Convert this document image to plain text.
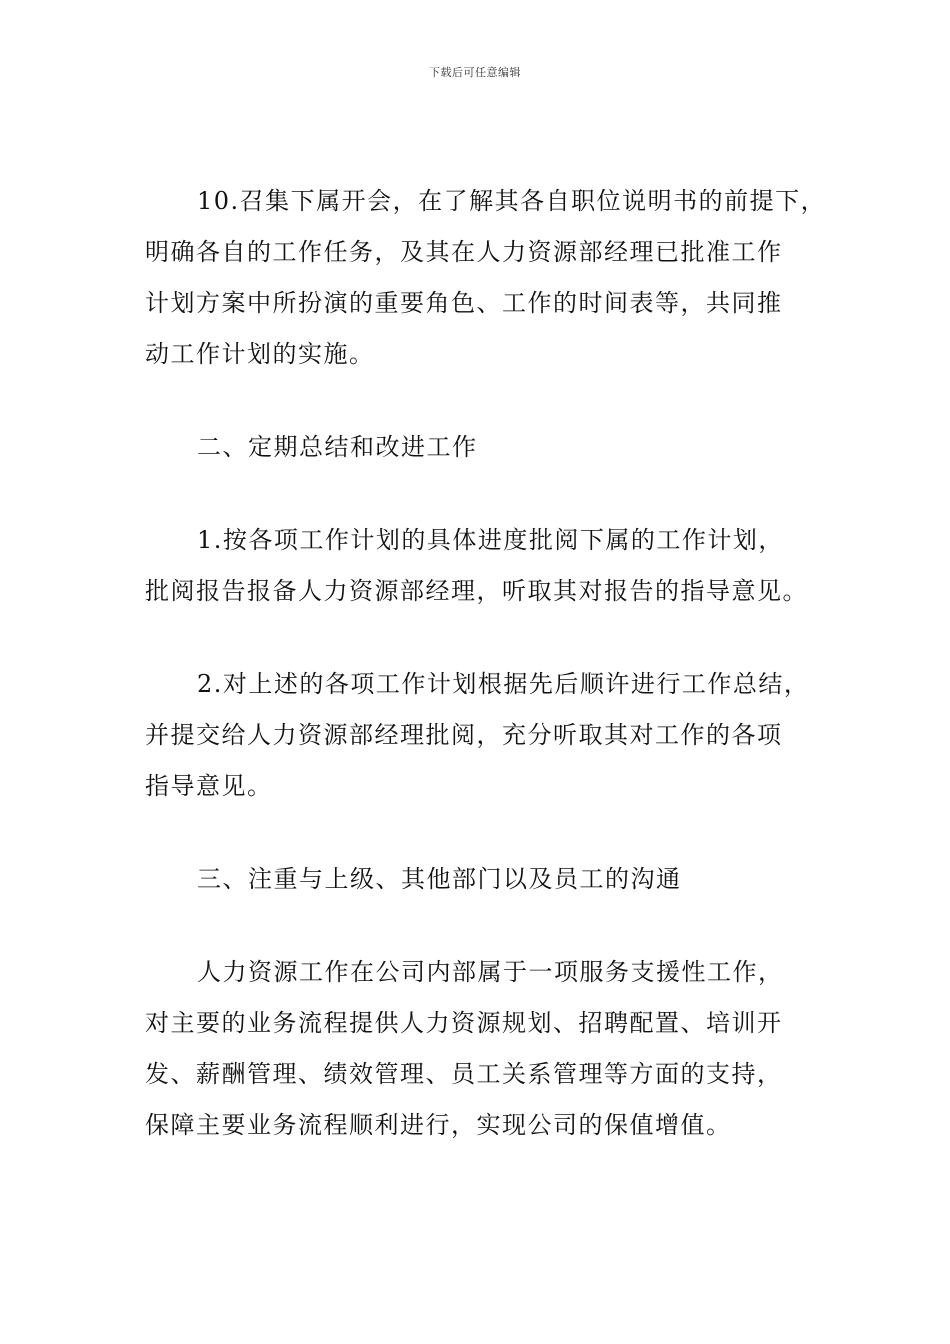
下载后可任意编辑
10.召集下属开会，在了解其各自职位说明书的前提下，
明确各自的工作任务，及其在人力资源部经理已批准工作
计划方案中所扮演的重要角色、工作的时间表等，共同推
动工作计划的实施。
二、定期总结和改进工作
1.按各项工作计划的具体进度批阅下属的工作计划，
批阅报告报备人力资源部经理，听取其对报告的指导意见。
2.对上述的各项工作计划根据先后顺许进行工作总结，
并提交给人力资源部经理批阅，充分听取其对工作的各项
指导意见。
三、注重与上级、其他部门以及员工的沟通
人力资源工作在公司内部属于一项服务支援性工作，
对主要的业务流程提供人力资源规划、招聘配置、培训开
发、薪酬管理、绩效管理、员工关系管理等方面的支持，
保障主要业务流程顺利进行，实现公司的保值增值。
